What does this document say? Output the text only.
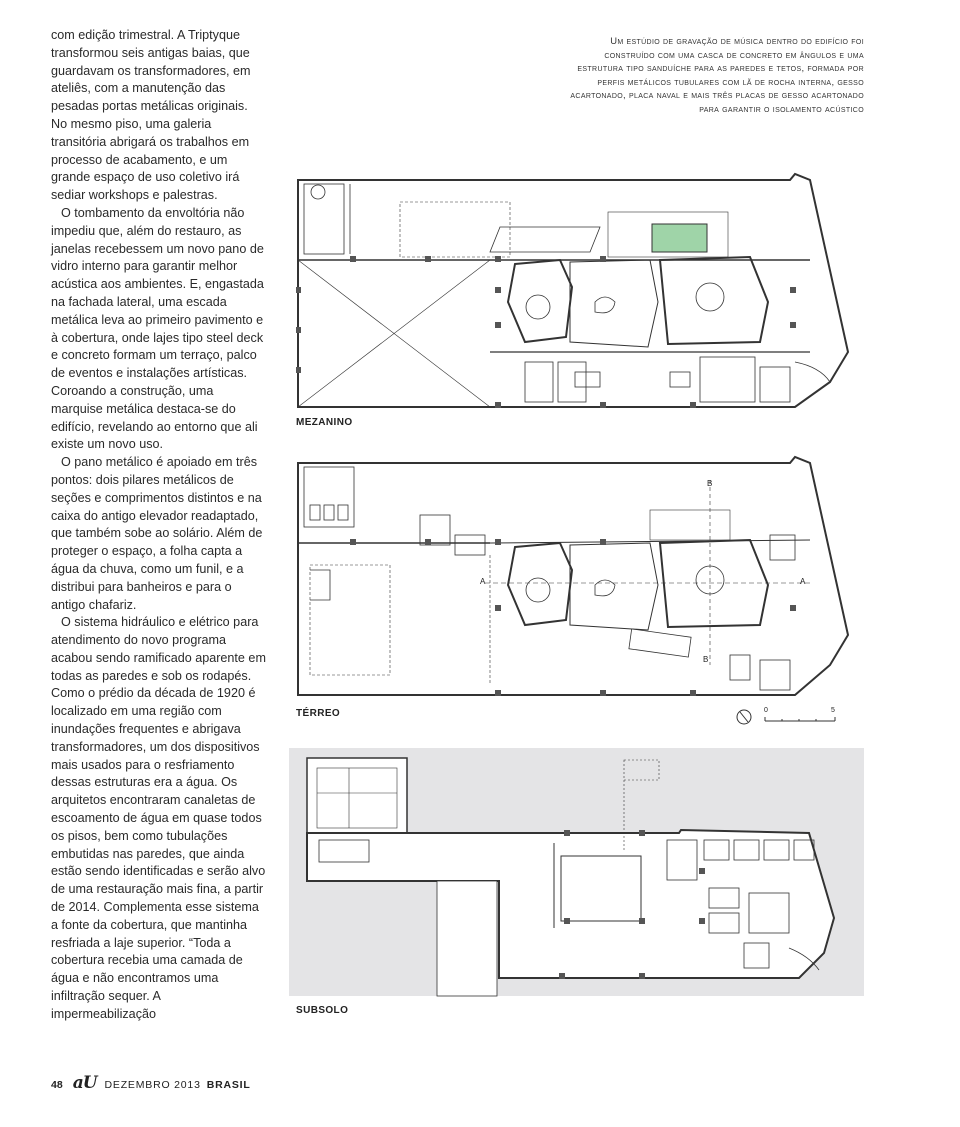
com edição trimestral. A Triptyque transformou seis antigas baias, que guardavam os transformadores, em ateliês, com a manutenção das pesadas portas metálicas originais. No mesmo piso, uma galeria transitória abrigará os trabalhos em processo de acabamento, e um grande espaço de uso coletivo irá sediar workshops e palestras.

O tombamento da envoltória não impediu que, além do restauro, as janelas recebessem um novo pano de vidro interno para garantir melhor acústica aos ambientes. E, engastada na fachada lateral, uma escada metálica leva ao primeiro pavimento e à cobertura, onde lajes tipo steel deck e concreto formam um terraço, palco de eventos e instalações artísticas. Coroando a construção, uma marquise metálica destaca-se do edifício, revelando ao entorno que ali existe um novo uso.

O pano metálico é apoiado em três pontos: dois pilares metálicos de seções e comprimentos distintos e na caixa do antigo elevador readaptado, que também sobe ao solário. Além de proteger o espaço, a folha capta a água da chuva, como um funil, e a distribui para banheiros e para o antigo chafariz.

O sistema hidráulico e elétrico para atendimento do novo programa acabou sendo ramificado aparente em todas as paredes e sob os rodapés. Como o prédio da década de 1920 é localizado em uma região com inundações frequentes e abrigava transformadores, um dos dispositivos mais usados para o resfriamento dessas estruturas era a água. Os arquitetos encontraram canaletas de escoamento de água em quase todos os pisos, bem como tubulações embutidas nas paredes, que ainda estão sendo identificadas e serão alvo de uma restauração mais fina, a partir de 2014. Complementa esse sistema a fonte da cobertura, que mantinha resfriada a laje superior. “Toda a cobertura recebia uma camada de água e não encontramos uma infiltração sequer. A impermeabilização

Um estúdio de gravação de música dentro do edifício foi construído com uma casca de concreto em ângulos e uma estrutura tipo sanduíche para as paredes e tetos, formada por perfis metálicos tubulares com lã de rocha interna, gesso acartonado, placa naval e mais três placas de gesso acartonado para garantir o isolamento acústico
MEZANINO
A	A
B
B
TÉRREO	0	5
SUBSOLO
48 aU DEZEMBRO 2013 BRASIL
